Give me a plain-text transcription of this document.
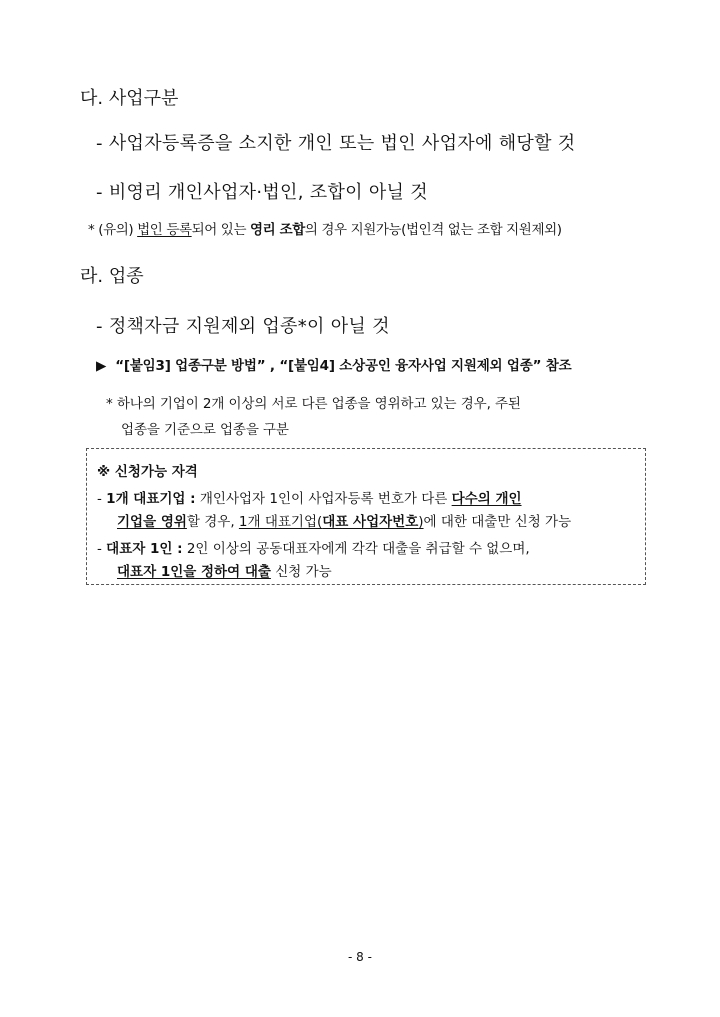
다. 사업구분
- 사업자등록증을 소지한 개인 또는 법인 사업자에 해당할 것
- 비영리 개인사업자·법인, 조합이 아닐 것
* (유의) 법인 등록되어 있는 영리 조합의 경우 지원가능(법인격 없는 조합 지원제외)
라. 업종
- 정책자금 지원제외 업종*이 아닐 것
▶ “[붙임3] 업종구분 방법” , “[붙임4] 소상공인 융자사업 지원제외 업종” 참조
* 하나의 기업이 2개 이상의 서로 다른 업종을 영위하고 있는 경우, 주된
업종을 기준으로 업종을 구분
※ 신청가능 자격
- 1개 대표기업 : 개인사업자 1인이 사업자등록 번호가 다른 다수의 개인
기업을 영위할 경우, 1개 대표기업(대표 사업자번호)에 대한 대출만 신청 가능
- 대표자 1인 : 2인 이상의 공동대표자에게 각각 대출을 취급할 수 없으며,
대표자 1인을 정하여 대출 신청 가능
- 8 -
